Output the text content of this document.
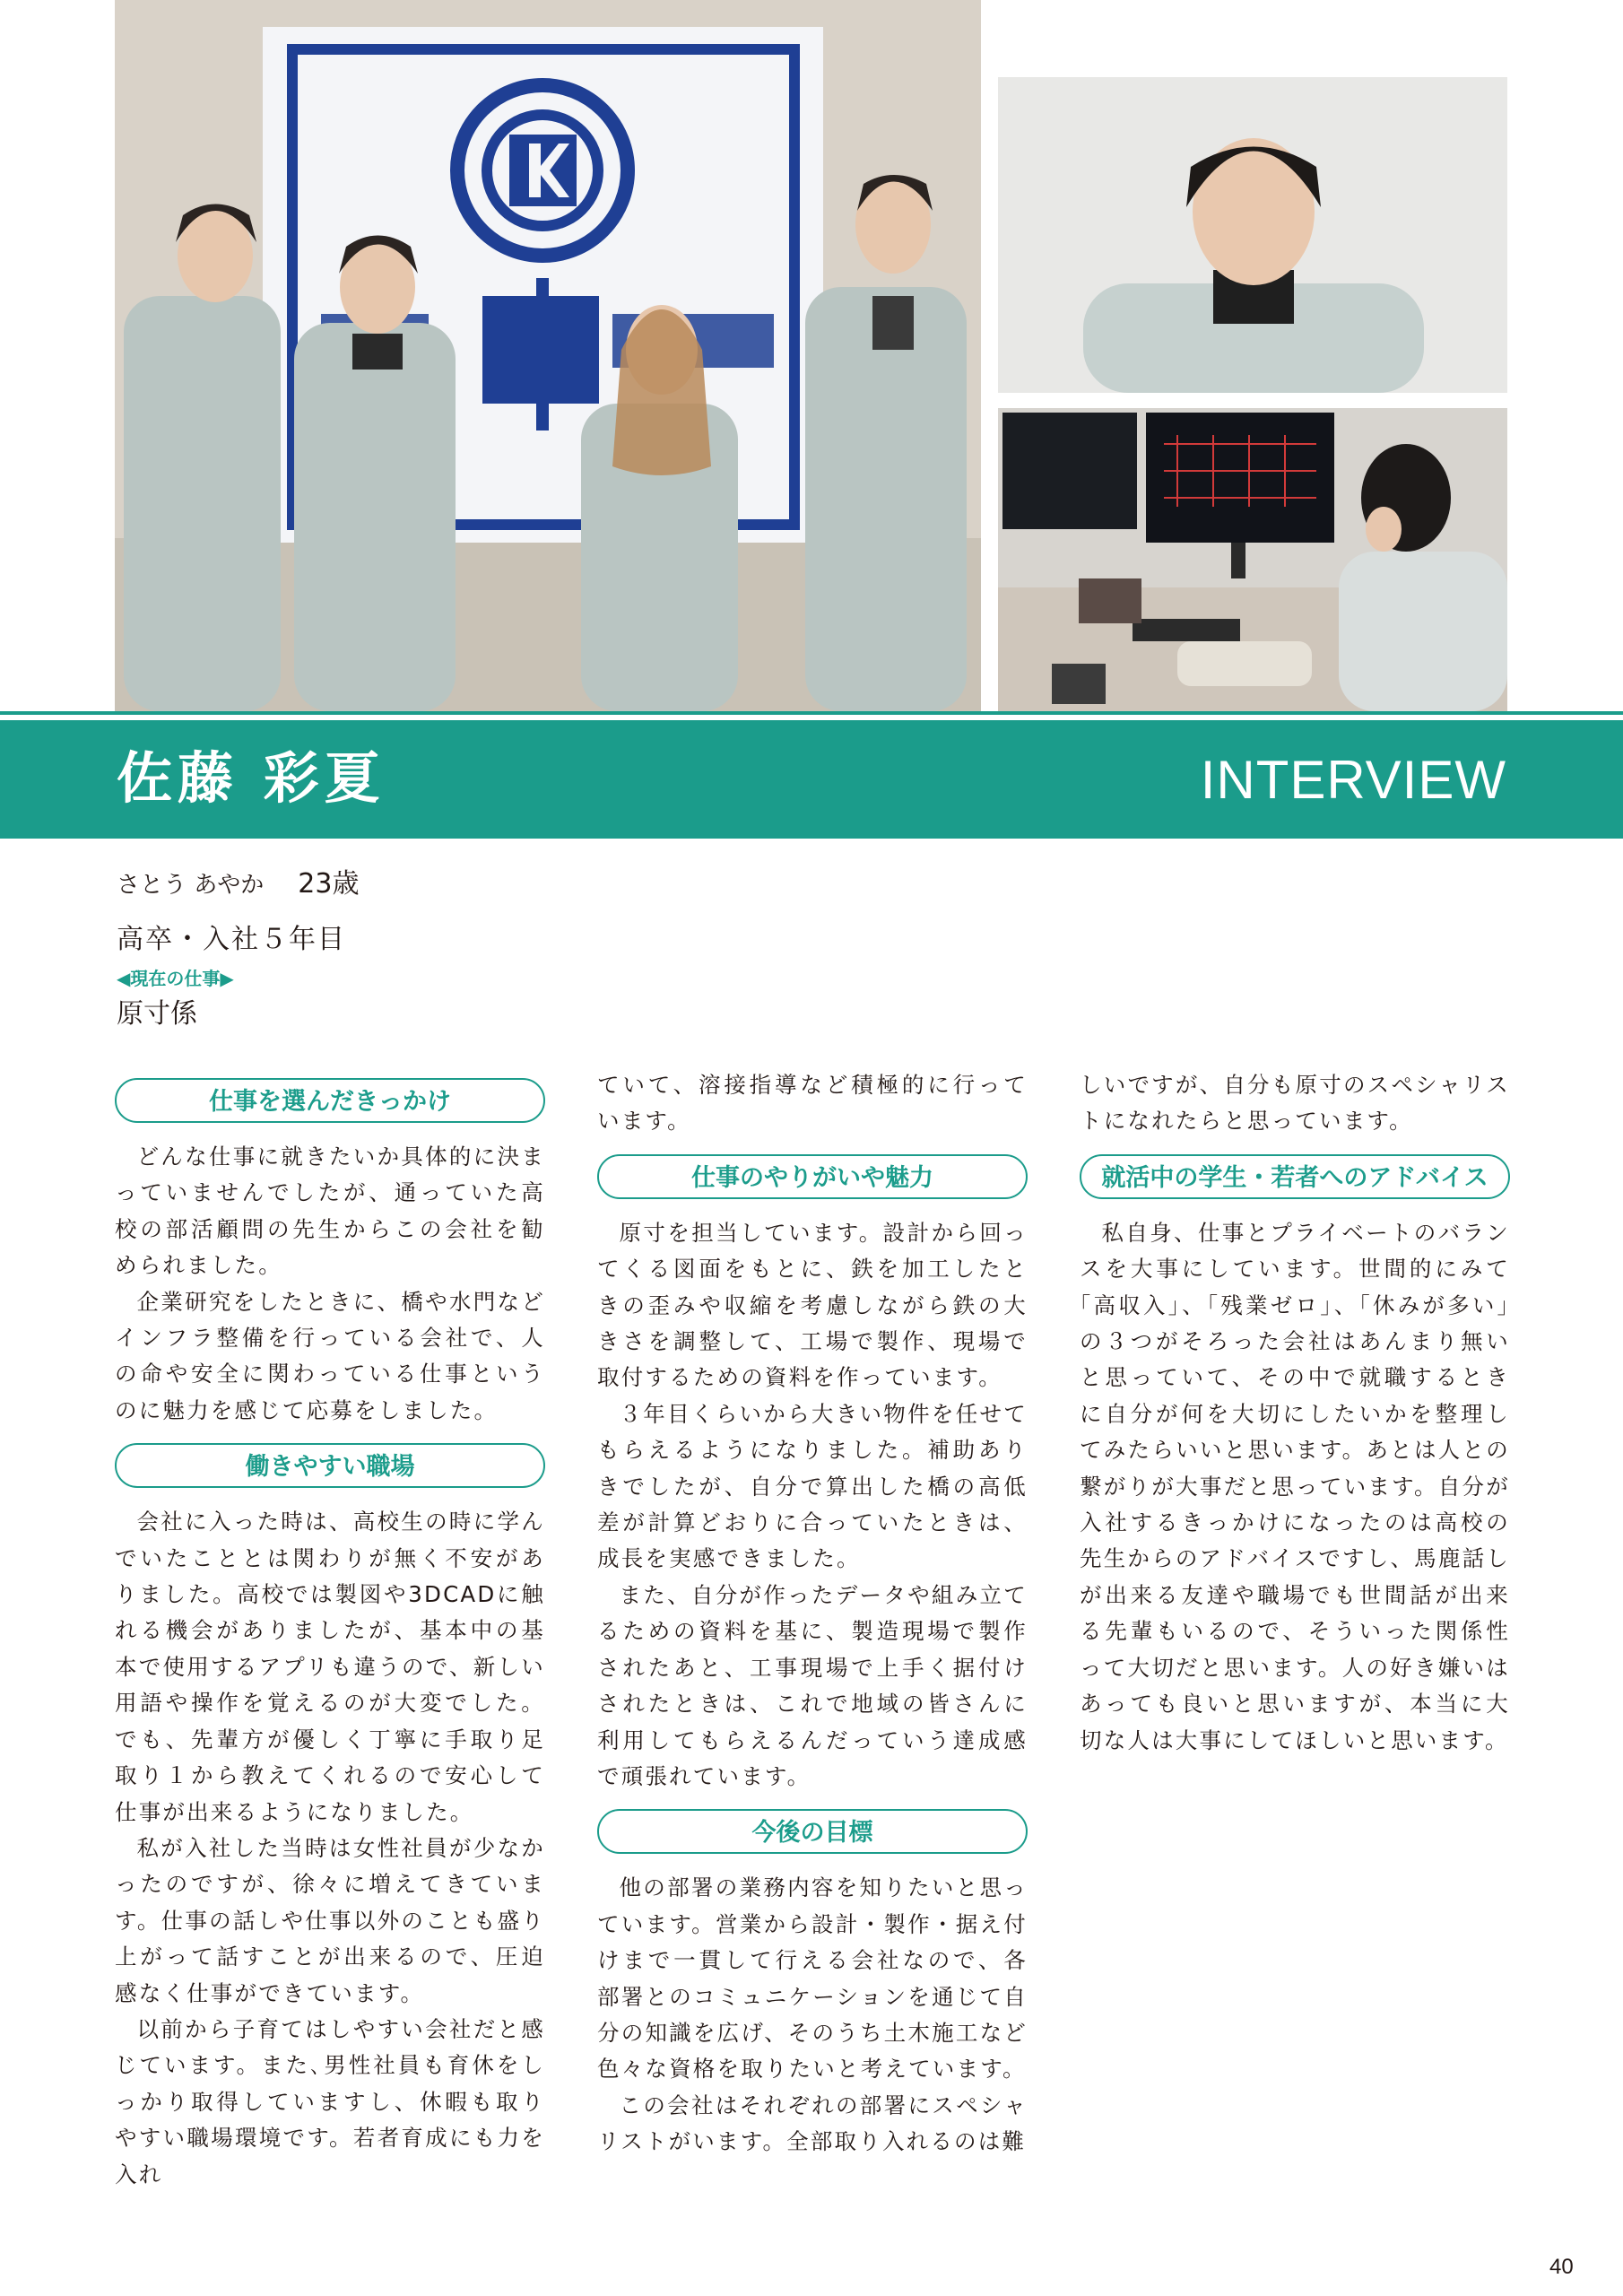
佐藤 彩夏	INTERVIEW
さとう あやか 23歳
高卒・入社５年目
◀現在の仕事▶
原寸係
仕事を選んだきっかけ

どんな仕事に就きたいか具体的に決まっていませんでしたが、通っていた高校の部活顧問の先生からこの会社を勧められました。

企業研究をしたときに、橋や水門などインフラ整備を行っている会社で、人の命や安全に関わっている仕事というのに魅力を感じて応募をしました。

働きやすい職場

会社に入った時は、高校生の時に学んでいたこととは関わりが無く不安がありました。高校では製図や3DCADに触れる機会がありましたが、基本中の基本で使用するアプリも違うので、新しい用語や操作を覚えるのが大変でした。でも、先輩方が優しく丁寧に手取り足取り１から教えてくれるので安心して仕事が出来るようになりました。

私が入社した当時は女性社員が少なかったのですが、徐々に増えてきています。仕事の話しや仕事以外のことも盛り上がって話すことが出来るので、圧迫感なく仕事ができています。

以前から子育てはしやすい会社だと感じています。また､男性社員も育休をしっかり取得していますし、休暇も取りやすい職場環境です。若者育成にも力を入れ

ていて、溶接指導など積極的に行っています。

仕事のやりがいや魅力

原寸を担当しています。設計から回ってくる図面をもとに、鉄を加工したときの歪みや収縮を考慮しながら鉄の大きさを調整して、工場で製作、現場で取付するための資料を作っています。

３年目くらいから大きい物件を任せてもらえるようになりました。補助ありきでしたが、自分で算出した橋の高低差が計算どおりに合っていたときは、成長を実感できました。

また、自分が作ったデータや組み立てるための資料を基に、製造現場で製作されたあと、工事現場で上手く据付けされたときは、これで地域の皆さんに利用してもらえるんだっていう達成感で頑張れています。

今後の目標

他の部署の業務内容を知りたいと思っています。営業から設計・製作・据え付けまで一貫して行える会社なので、各部署とのコミュニケーションを通じて自分の知識を広げ、そのうち土木施工など色々な資格を取りたいと考えています。

この会社はそれぞれの部署にスペシャリストがいます。全部取り入れるのは難

しいですが、自分も原寸のスペシャリストになれたらと思っています。

就活中の学生・若者へのアドバイス

私自身、仕事とプライベートのバランスを大事にしています。世間的にみて｢高収入｣、｢残業ゼロ｣、｢休みが多い｣の３つがそろった会社はあんまり無いと思っていて、その中で就職するときに自分が何を大切にしたいかを整理してみたらいいと思います。あとは人との繋がりが大事だと思っています。自分が入社するきっかけになったのは高校の先生からのアドバイスですし、馬鹿話しが出来る友達や職場でも世間話が出来る先輩もいるので、そういった関係性って大切だと思います。人の好き嫌いはあっても良いと思いますが、本当に大切な人は大事にしてほしいと思います。

40
